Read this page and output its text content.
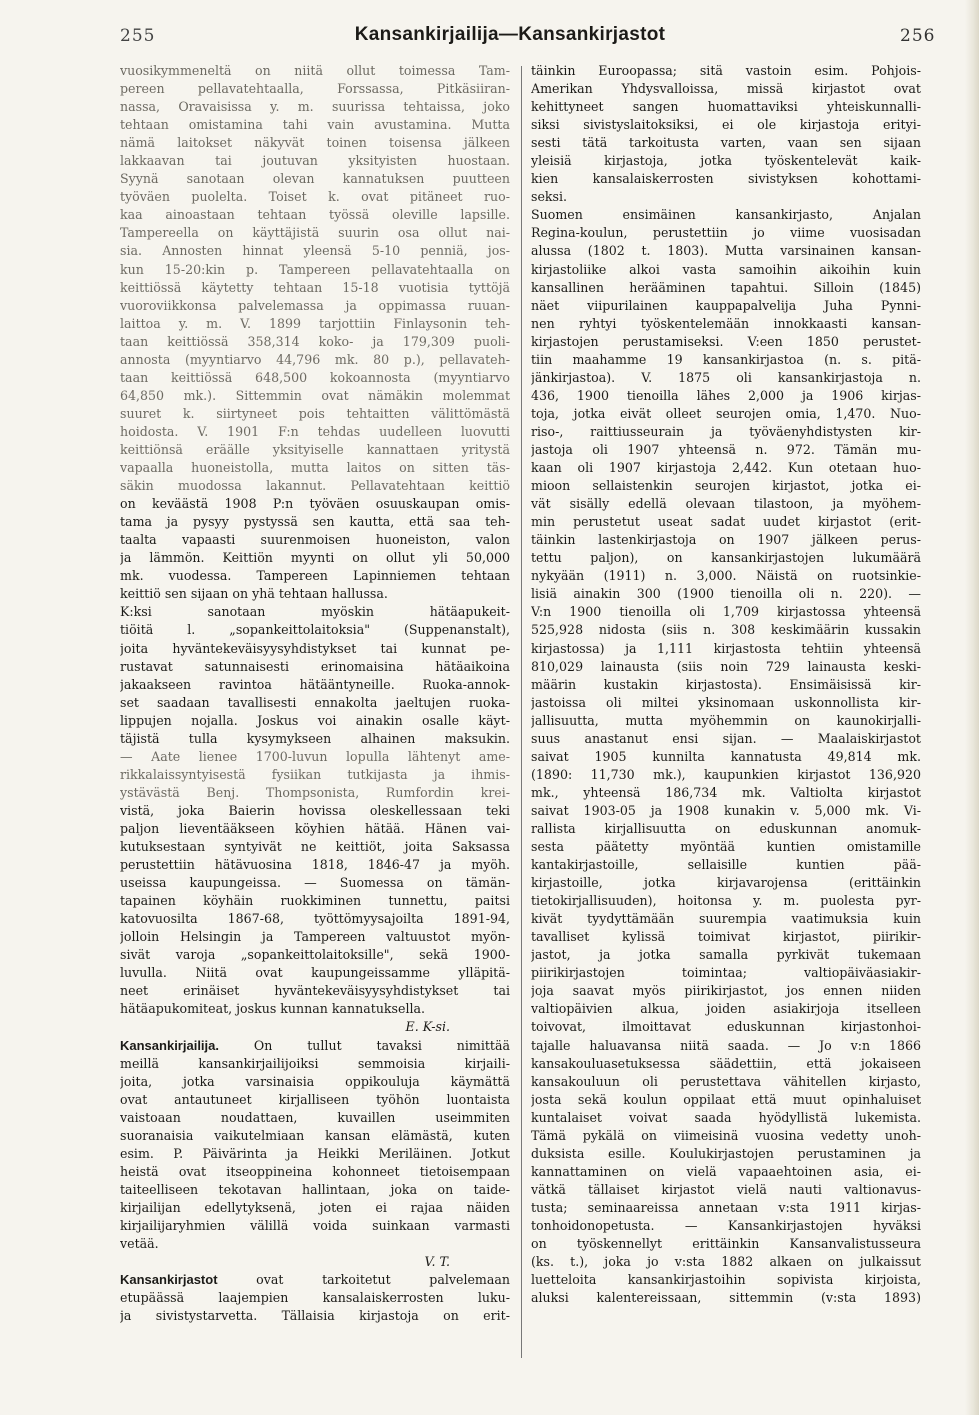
255	Kansankirjailija—Kansankirjastot	256
vuosikymmeneltä on niitä ollut toimessa Tam-
pereen pellavatehtaalla, Forssassa, Pitkäsiiran-
nassa, Oravaisissa y. m. suurissa tehtaissa, joko
tehtaan omistamina tahi vain avustamina. Mutta
nämä laitokset näkyvät toinen toisensa jälkeen
lakkaavan tai joutuvan yksityisten huostaan.
Syynä sanotaan olevan kannatuksen puutteen
työväen puolelta. Toiset k. ovat pitäneet ruo-
kaa ainoastaan tehtaan työssä oleville lapsille.
Tampereella on käyttäjistä suurin osa ollut nai-
sia. Annosten hinnat yleensä 5-10 penniä, jos-
kun 15-20:kin p. Tampereen pellavatehtaalla on
keittiössä käytetty tehtaan 15-18 vuotisia tyttöjä
vuoroviikkonsa palvelemassa ja oppimassa ruuan-
laittoa y. m. V. 1899 tarjottiin Finlaysonin teh-
taan keittiössä 358,314 koko- ja 179,309 puoli-
annosta (myyntiarvo 44,796 mk. 80 p.), pellavateh-
taan keittiössä 648,500 kokoannosta (myyntiarvo
64,850 mk.). Sittemmin ovat nämäkin molemmat
suuret k. siirtyneet pois tehtaitten välittömästä
hoidosta. V. 1901 F:n tehdas uudelleen luovutti
keittiönsä eräälle yksityiselle kannattaen yritystä
vapaalla huoneistolla, mutta laitos on sitten täs-
säkin muodossa lakannut. Pellavatehtaan keittiö
on keväästä 1908 P:n työväen osuuskaupan omis-
tama ja pysyy pystyssä sen kautta, että saa teh-
taalta vapaasti suurenmoisen huoneiston, valon
ja lämmön. Keittiön myynti on ollut yli 50,000
mk. vuodessa. Tampereen Lapinniemen tehtaan
keittiö sen sijaan on yhä tehtaan hallussa.
K:ksi sanotaan myöskin hätäapukeit-
tiöitä l. „sopankeittolaitoksia" (Suppenanstalt),
joita hyväntekeväisyysyhdistykset tai kunnat pe-
rustavat satunnaisesti erinomaisina hätäaikoina
jakaakseen ravintoa hätääntyneille. Ruoka-annok-
set saadaan tavallisesti ennakolta jaeltujen ruoka-
lippujen nojalla. Joskus voi ainakin osalle käyt-
täjistä tulla kysymykseen alhainen maksukin.
— Aate lienee 1700-luvun lopulla lähtenyt ame-
rikkalaissyntyisestä fysiikan tutkijasta ja ihmis-
ystävästä Benj. Thompsonista, Rumfordin krei-
vistä, joka Baierin hovissa oleskellessaan teki
paljon lieventääkseen köyhien hätää. Hänen vai-
kutuksestaan syntyivät ne keittiöt, joita Saksassa
perustettiin hätävuosina 1818, 1846-47 ja myöh.
useissa kaupungeissa. — Suomessa on tämän-
tapainen köyhäin ruokkiminen tunnettu, paitsi
katovuosilta 1867-68, työttömyysajoilta 1891-94,
jolloin Helsingin ja Tampereen valtuustot myön-
sivät varoja „sopankeittolaitoksille", sekä 1900-
luvulla. Niitä ovat kaupungeissamme ylläpitä-
neet erinäiset hyväntekeväisyysyhdistykset tai
hätäapukomiteat, joskus kunnan kannatuksella.
E. K-si.
Kansankirjailija. On tullut tavaksi nimittää
meillä kansankirjailijoiksi semmoisia kirjaili-
joita, jotka varsinaisia oppikouluja käymättä
ovat antautuneet kirjalliseen työhön luontaista
vaistoaan noudattaen, kuvaillen useimmiten
suoranaisia vaikutelmiaan kansan elämästä, kuten
esim. P. Päivärinta ja Heikki Meriläinen. Jotkut
heistä ovat itseoppineina kohonneet tietoisempaan
taiteelliseen tekotavan hallintaan, joka on taide-
kirjailijan edellytyksenä, joten ei rajaa näiden
kirjailijaryhmien välillä voida suinkaan varmasti
vetää.
V. T.
Kansankirjastot ovat tarkoitetut palvelemaan
etupäässä laajempien kansalaiskerrosten luku-
ja sivistystarvetta. Tällaisia kirjastoja on erit-
täinkin Euroopassa; sitä vastoin esim. Pohjois-
Amerikan Yhdysvalloissa, missä kirjastot ovat
kehittyneet sangen huomattaviksi yhteiskunnalli-
siksi sivistyslaitoksiksi, ei ole kirjastoja erityi-
sesti tätä tarkoitusta varten, vaan sen sijaan
yleisiä kirjastoja, jotka työskentelevät kaik-
kien kansalaiskerrosten sivistyksen kohottami-
seksi.
Suomen ensimäinen kansankirjasto, Anjalan
Regina-koulun, perustettiin jo viime vuosisadan
alussa (1802 t. 1803). Mutta varsinainen kansan-
kirjastoliike alkoi vasta samoihin aikoihin kuin
kansallinen herääminen tapahtui. Silloin (1845)
näet viipurilainen kauppapalvelija Juha Pynni-
nen ryhtyi työskentelemään innokkaasti kansan-
kirjastojen perustamiseksi. V:een 1850 perustet-
tiin maahamme 19 kansankirjastoa (n. s. pitä-
jänkirjastoa). V. 1875 oli kansankirjastoja n.
436, 1900 tienoilla lähes 2,000 ja 1906 kirjas-
toja, jotka eivät olleet seurojen omia, 1,470. Nuo-
riso-, raittiusseurain ja työväenyhdistysten kir-
jastoja oli 1907 yhteensä n. 972. Tämän mu-
kaan oli 1907 kirjastoja 2,442. Kun otetaan huo-
mioon sellaistenkin seurojen kirjastot, jotka ei-
vät sisälly edellä olevaan tilastoon, ja myöhem-
min perustetut useat sadat uudet kirjastot (erit-
täinkin lastenkirjastoja on 1907 jälkeen perus-
tettu paljon), on kansankirjastojen lukumäärä
nykyään (1911) n. 3,000. Näistä on ruotsinkie-
lisiä ainakin 300 (1900 tienoilla oli n. 220). —
V:n 1900 tienoilla oli 1,709 kirjastossa yhteensä
525,928 nidosta (siis n. 308 keskimäärin kussakin
kirjastossa) ja 1,111 kirjastosta tehtiin yhteensä
810,029 lainausta (siis noin 729 lainausta keski-
määrin kustakin kirjastosta). Ensimäisissä kir-
jastoissa oli miltei yksinomaan uskonnollista kir-
jallisuutta, mutta myöhemmin on kaunokirjalli-
suus anastanut ensi sijan. — Maalaiskirjastot
saivat 1905 kunnilta kannatusta 49,814 mk.
(1890: 11,730 mk.), kaupunkien kirjastot 136,920
mk., yhteensä 186,734 mk. Valtiolta kirjastot
saivat 1903-05 ja 1908 kunakin v. 5,000 mk. Vi-
rallista kirjallisuutta on eduskunnan anomuk-
sesta päätetty myöntää kuntien omistamille
kantakirjastoille, sellaisille kuntien pää-
kirjastoille, jotka kirjavarojensa (erittäinkin
tietokirjallisuuden), hoitonsa y. m. puolesta pyr-
kivät tyydyttämään suurempia vaatimuksia kuin
tavalliset kylissä toimivat kirjastot, piirikir-
jastot, ja jotka samalla pyrkivät tukemaan
piirikirjastojen toimintaa; valtiopäiväasiakir-
joja saavat myös piirikirjastot, jos ennen niiden
valtiopäivien alkua, joiden asiakirjoja itselleen
toivovat, ilmoittavat eduskunnan kirjastonhoi-
tajalle haluavansa niitä saada. — Jo v:n 1866
kansakouluasetuksessa säädettiin, että jokaiseen
kansakouluun oli perustettava vähitellen kirjasto,
josta sekä koulun oppilaat että muut opinhaluiset
kuntalaiset voivat saada hyödyllistä lukemista.
Tämä pykälä on viimeisinä vuosina vedetty unoh-
duksista esille. Koulukirjastojen perustaminen ja
kannattaminen on vielä vapaaehtoinen asia, ei-
vätkä tällaiset kirjastot vielä nauti valtionavus-
tusta; seminaareissa annetaan v:sta 1911 kirjas-
tonhoidonopetusta. — Kansankirjastojen hyväksi
on työskennellyt erittäinkin Kansanvalistusseura
(ks. t.), joka jo v:sta 1882 alkaen on julkaissut
luetteloita kansankirjastoihin sopivista kirjoista,
aluksi kalentereissaan, sittemmin (v:sta 1893)
